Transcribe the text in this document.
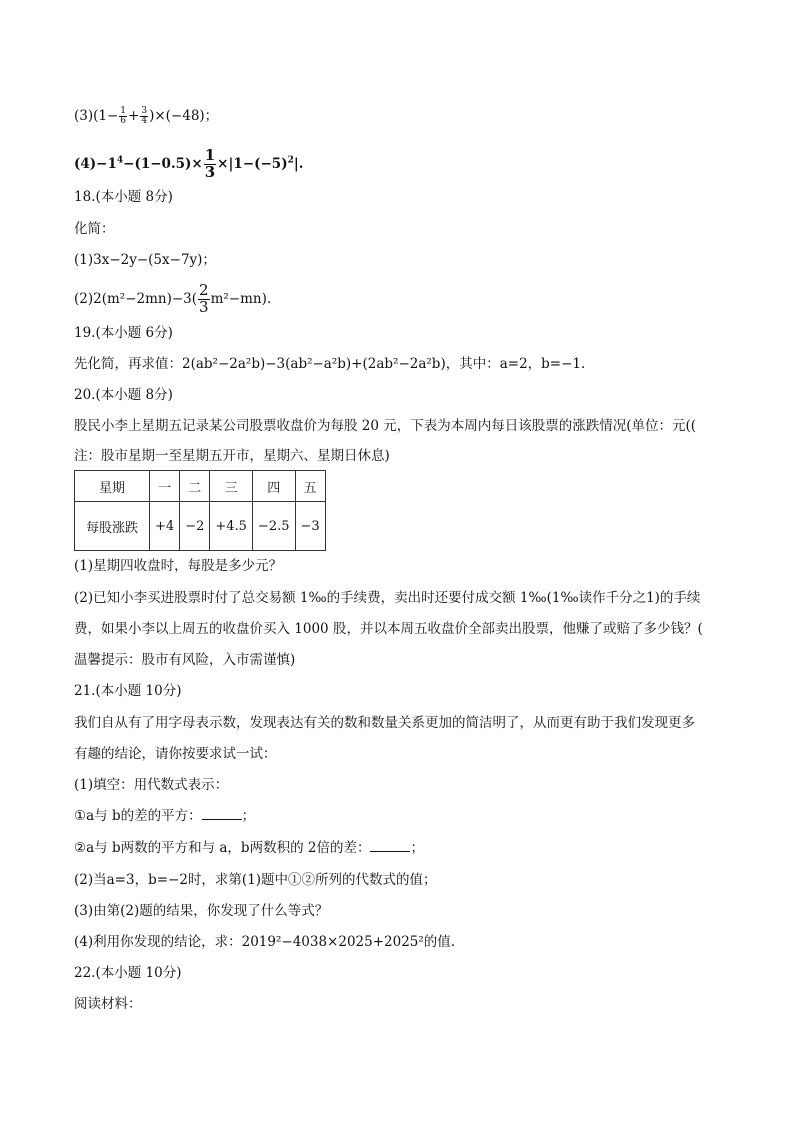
$(3)(1- \frac{1}{6} + \frac{3}{4} )\times(-48)$；
$(4)-1^4-(1-0.5)\times \frac{1}{3} \times|1-(-5)^2|$.
18.(本小题 8分)
化简：
(1)3x−2y−(5x−7y)；
$(2)2(m^2-2mn)-3( \frac{2}{3} m^2-mn)$.
19.(本小题 6分)
先化简，再求值：2(ab²−2a²b)−3(ab²−a²b)+(2ab²−2a²b)，其中：a=2，b=−1.
20.(本小题 8分)
股民小李上星期五记录某公司股票收盘价为每股 20 元，下表为本周内每日该股票的涨跌情况(单位：元((
注：股市星期一至星期五开市，星期六、星期日休息)
星期	一	二	三	四	五
每股涨跌	+4	−2	+4.5	−2.5	−3
(1)星期四收盘时，每股是多少元？
(2)已知小李买进股票时付了总交易额 1‰的手续费，卖出时还要付成交额 1‰(1‰读作千分之1)的手续
费，如果小李以上周五的收盘价买入 1000 股，并以本周五收盘价全部卖出股票，他赚了或赔了多少钱？(
温馨提示：股市有风险，入市需谨慎)
21.(本小题 10分)
我们自从有了用字母表示数，发现表达有关的数和数量关系更加的简洁明了，从而更有助于我们发现更多
有趣的结论，请你按要求试一试：
(1)填空：用代数式表示：
①a与 b的差的平方：	；
②a与 b两数的平方和与 a，b两数积的 2倍的差：	；
(2)当a=3，b=−2时，求第(1)题中①②所列的代数式的值；
(3)由第(2)题的结果，你发现了什么等式？
(4)利用你发现的结论，求：2019²−4038×2025+2025²的值.
22.(本小题 10分)
阅读材料：
